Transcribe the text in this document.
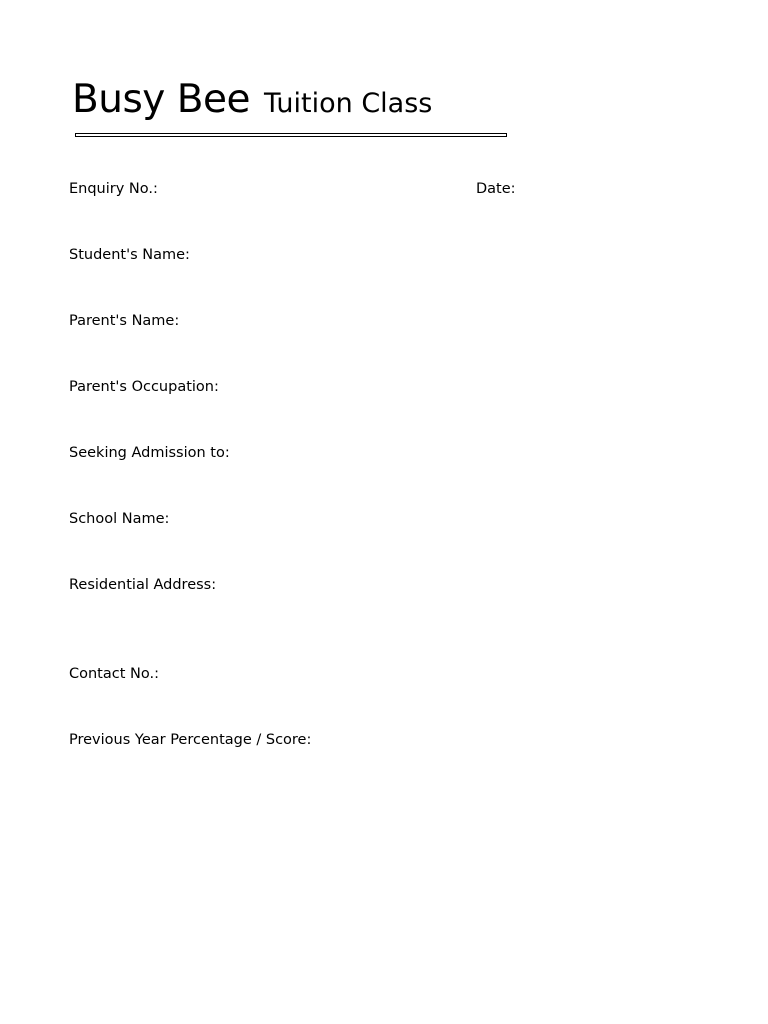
Busy Bee Tuition Class
Enquiry No.:	Date:
Student's Name:
Parent's Name:
Parent's Occupation:
Seeking Admission to:
School Name:
Residential Address:
Contact No.:
Previous Year Percentage / Score:
